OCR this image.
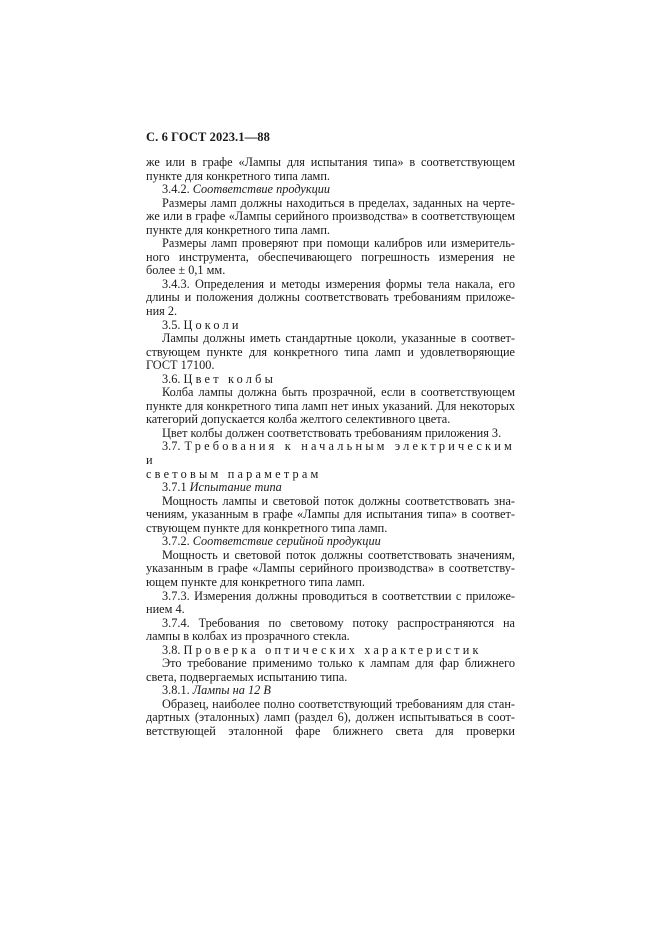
С. 6 ГОСТ 2023.1—88

же или в графе «Лампы для испытания типа» в соответствующем

пункте для конкретного типа ламп.

3.4.2. Соответствие продукции

Размеры ламп должны находиться в пределах, заданных на черте-

же или в графе «Лампы серийного производства» в соответствующем

пункте для конкретного типа ламп.

Размеры ламп проверяют при помощи калибров или измеритель-

ного инструмента, обеспечивающего погрешность измерения не

более ± 0,1 мм.

3.4.3. Определения и методы измерения формы тела накала, его

длины и положения должны соответствовать требованиям приложе-

ния 2.

3.5. Цоколи

Лампы должны иметь стандартные цоколи, указанные в соответ-

ствующем пункте для конкретного типа ламп и удовлетворяющие

ГОСТ 17100.

3.6. Цвет колбы

Колба лампы должна быть прозрачной, если в соответствующем

пункте для конкретного типа ламп нет иных указаний. Для некоторых

категорий допускается колба желтого селективного цвета.

Цвет колбы должен соответствовать требованиям приложения 3.

3.7. Требования к начальным электрическим и

световым параметрам

3.7.1 Испытание типа

Мощность лампы и световой поток должны соответствовать зна-

чениям, указанным в графе «Лампы для испытания типа» в соответ-

ствующем пункте для конкретного типа ламп.

3.7.2. Соответствие серийной продукции

Мощность и световой поток должны соответствовать значениям,

указанным в графе «Лампы серийного производства» в соответству-

ющем пункте для конкретного типа ламп.

3.7.3. Измерения должны проводиться в соответствии с приложе-

нием 4.

3.7.4. Требования по световому потоку распространяются на

лампы в колбах из прозрачного стекла.

3.8. Проверка оптических характеристик

Это требование применимо только к лампам для фар ближнего

света, подвергаемых испытанию типа.

3.8.1. Лампы на 12 В

Образец, наиболее полно соответствующий требованиям для стан-

дартных (эталонных) ламп (раздел 6), должен испытываться в соот-

ветствующей эталонной фаре ближнего света для проверки
